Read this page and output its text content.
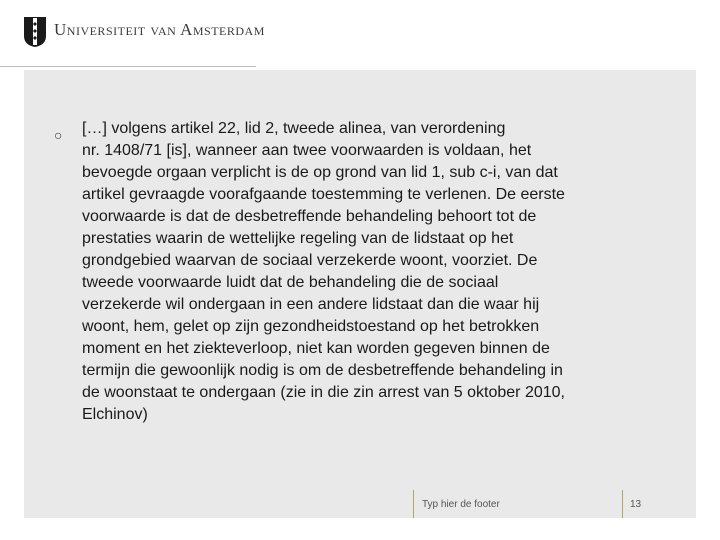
Universiteit van Amsterdam
○ […] volgens artikel 22, lid 2, tweede alinea, van verordening
nr. 1408/71 [is], wanneer aan twee voorwaarden is voldaan, het
bevoegde orgaan verplicht is de op grond van lid 1, sub c‑i, van dat
artikel gevraagde voorafgaande toestemming te verlenen. De eerste
voorwaarde is dat de desbetreffende behandeling behoort tot de
prestaties waarin de wettelijke regeling van de lidstaat op het
grondgebied waarvan de sociaal verzekerde woont, voorziet. De
tweede voorwaarde luidt dat de behandeling die de sociaal
verzekerde wil ondergaan in een andere lidstaat dan die waar hij
woont, hem, gelet op zijn gezondheidstoestand op het betrokken
moment en het ziekteverloop, niet kan worden gegeven binnen de
termijn die gewoonlijk nodig is om de desbetreffende behandeling in
de woonstaat te ondergaan (zie in die zin arrest van 5 oktober 2010,
Elchinov)

Typ hier de footer	13
